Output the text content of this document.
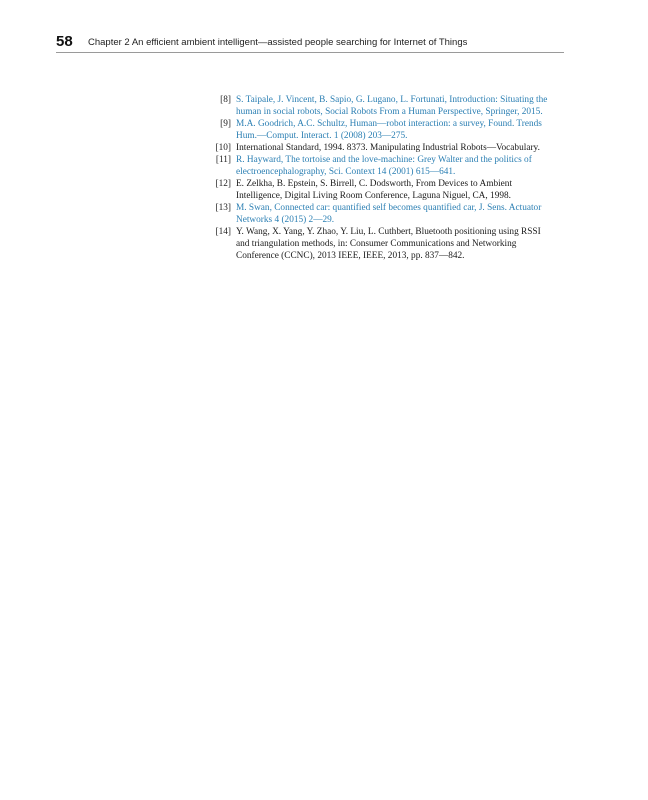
58 Chapter 2 An efficient ambient intelligent—assisted people searching for Internet of Things
[8] S. Taipale, J. Vincent, B. Sapio, G. Lugano, L. Fortunati, Introduction: Situating the human in social robots, Social Robots From a Human Perspective, Springer, 2015.
[9] M.A. Goodrich, A.C. Schultz, Human—robot interaction: a survey, Found. Trends Hum.—Comput. Interact. 1 (2008) 203—275.
[10] International Standard, 1994. 8373. Manipulating Industrial Robots—Vocabulary.
[11] R. Hayward, The tortoise and the love-machine: Grey Walter and the politics of electroencephalography, Sci. Context 14 (2001) 615—641.
[12] E. Zelkha, B. Epstein, S. Birrell, C. Dodsworth, From Devices to Ambient Intelligence, Digital Living Room Conference, Laguna Niguel, CA, 1998.
[13] M. Swan, Connected car: quantified self becomes quantified car, J. Sens. Actuator Networks 4 (2015) 2—29.
[14] Y. Wang, X. Yang, Y. Zhao, Y. Liu, L. Cuthbert, Bluetooth positioning using RSSI and triangulation methods, in: Consumer Communications and Networking Conference (CCNC), 2013 IEEE, IEEE, 2013, pp. 837—842.
